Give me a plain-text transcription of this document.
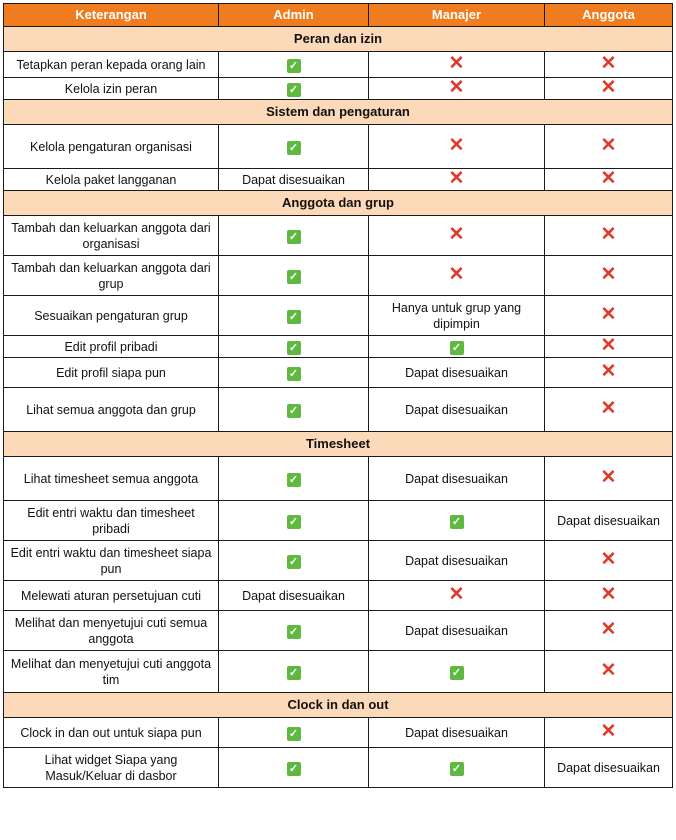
Keterangan	Admin	Manajer	Anggota
Peran dan izin			
Tetapkan peran kepada orang lain	✓	✕	✕
Kelola izin peran	✓	✕	✕
Sistem dan pengaturan			
Kelola pengaturan organisasi	✓	✕	✕
Kelola paket langganan	Dapat disesuaikan	✕	✕
Anggota dan grup			
Tambah dan keluarkan anggota dari organisasi	✓	✕	✕
Tambah dan keluarkan anggota dari grup	✓	✕	✕
Sesuaikan pengaturan grup	✓	Hanya untuk grup yang dipimpin	✕
Edit profil pribadi	✓	✓	✕
Edit profil siapa pun	✓	Dapat disesuaikan	✕
Lihat semua anggota dan grup	✓	Dapat disesuaikan	✕
Timesheet			
Lihat timesheet semua anggota	✓	Dapat disesuaikan	✕
Edit entri waktu dan timesheet pribadi	✓	✓	Dapat disesuaikan
Edit entri waktu dan timesheet siapa pun	✓	Dapat disesuaikan	✕
Melewati aturan persetujuan cuti	Dapat disesuaikan	✕	✕
Melihat dan menyetujui cuti semua anggota	✓	Dapat disesuaikan	✕
Melihat dan menyetujui cuti anggota tim	✓	✓	✕
Clock in dan out			
Clock in dan out untuk siapa pun	✓	Dapat disesuaikan	✕
Lihat widget Siapa yang Masuk/Keluar di dasbor	✓	✓	Dapat disesuaikan
